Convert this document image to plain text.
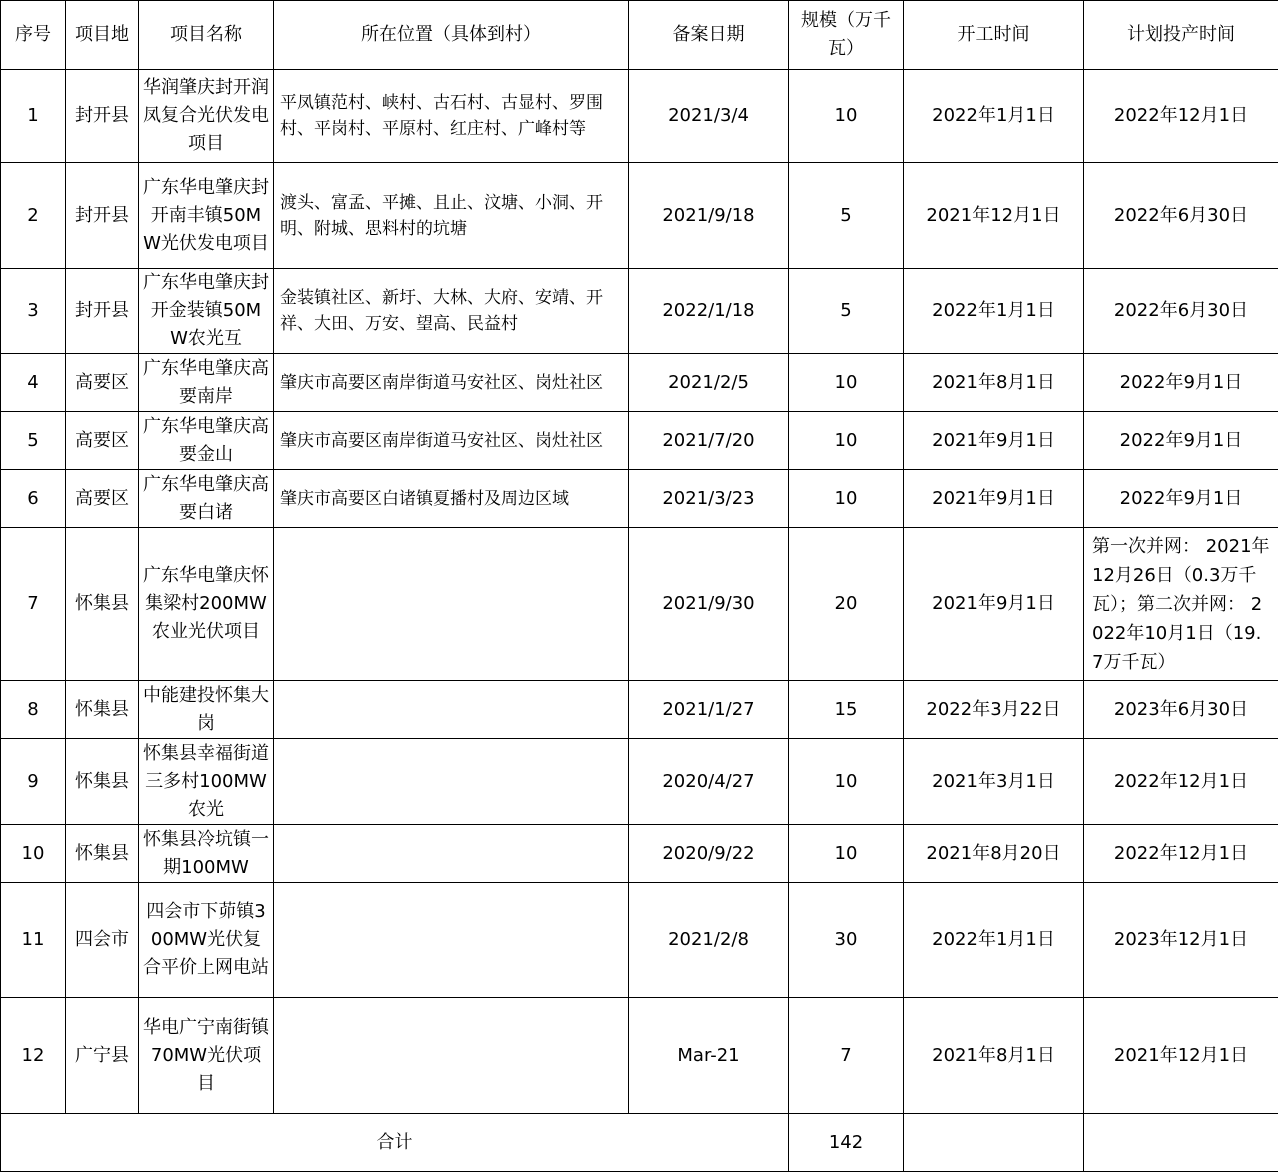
序号	项目地	项目名称	所在位置（具体到村）	备案日期	规模（万千瓦）	开工时间	计划投产时间
1	封开县	华润肇庆封开润凤复合光伏发电项目	平凤镇范村、峡村、古石村、古显村、罗围村、平岗村、平原村、红庄村、广峰村等	2021/3/4	10	2022年1月1日	2022年12月1日
2	封开县	广东华电肇庆封开南丰镇50MW光伏发电项目	渡头、富孟、平摊、且止、汶塘、小洞、开明、附城、思料村的坑塘	2021/9/18	5	2021年12月1日	2022年6月30日
3	封开县	广东华电肇庆封开金装镇50MW农光互	金装镇社区、新圩、大林、大府、安靖、开祥、大田、万安、望高、民益村	2022/1/18	5	2022年1月1日	2022年6月30日
4	高要区	广东华电肇庆高要南岸	肇庆市高要区南岸街道马安社区、岗灶社区	2021/2/5	10	2021年8月1日	2022年9月1日
5	高要区	广东华电肇庆高要金山	肇庆市高要区南岸街道马安社区、岗灶社区	2021/7/20	10	2021年9月1日	2022年9月1日
6	高要区	广东华电肇庆高要白诸	肇庆市高要区白诸镇夏播村及周边区域	2021/3/23	10	2021年9月1日	2022年9月1日
7	怀集县	广东华电肇庆怀集梁村200MW农业光伏项目		2021/9/30	20	2021年9月1日	第一次并网： 2021年12月26日（0.3万千瓦）；第二次并网： 2022年10月1日（19.7万千瓦）
8	怀集县	中能建投怀集大岗		2021/1/27	15	2022年3月22日	2023年6月30日
9	怀集县	怀集县幸福街道三多村100MW农光		2020/4/27	10	2021年3月1日	2022年12月1日
10	怀集县	怀集县冷坑镇一期100MW		2020/9/22	10	2021年8月20日	2022年12月1日
11	四会市	四会市下茆镇300MW光伏复合平价上网电站		2021/2/8	30	2022年1月1日	2023年12月1日
12	广宁县	华电广宁南街镇70MW光伏项目		Mar-21	7	2021年8月1日	2021年12月1日
合计					142		
